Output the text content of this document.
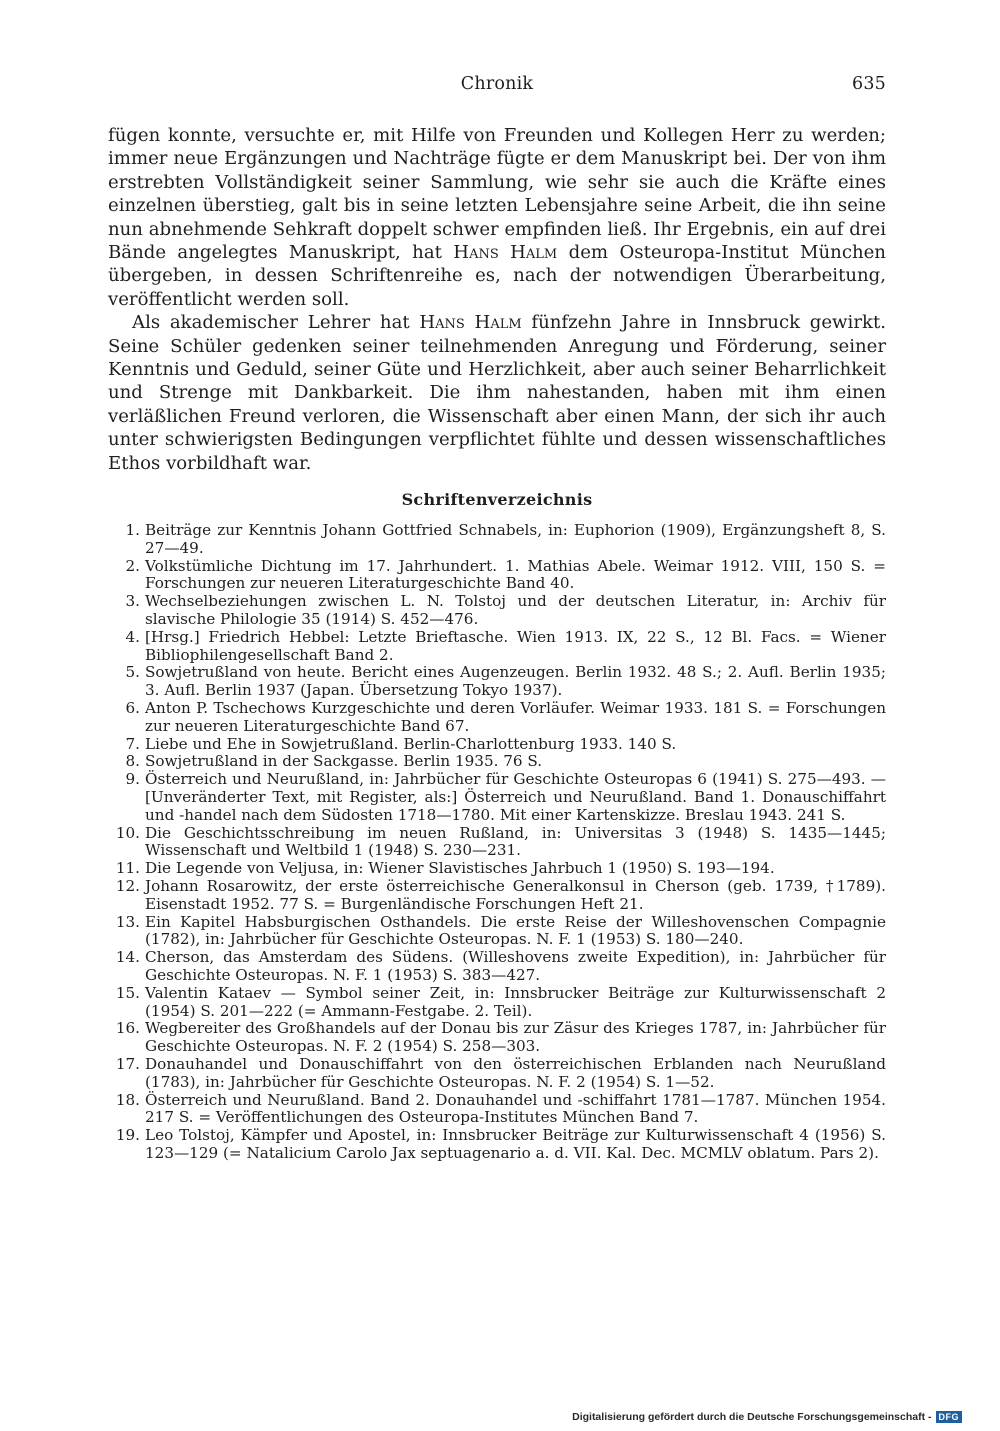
Chronik	635

fügen konnte, versuchte er, mit Hilfe von Freunden und Kollegen Herr zu werden; immer neue Ergänzungen und Nachträge fügte er dem Manuskript bei. Der von ihm erstrebten Vollständigkeit seiner Sammlung, wie sehr sie auch die Kräfte eines einzelnen überstieg, galt bis in seine letzten Lebensjahre seine Arbeit, die ihn seine nun abnehmende Sehkraft doppelt schwer empfinden ließ. Ihr Ergebnis, ein auf drei Bände angelegtes Manuskript, hat Hans Halm dem Osteuropa-Institut München übergeben, in dessen Schriftenreihe es, nach der notwendigen Überarbeitung, veröffentlicht werden soll.

Als akademischer Lehrer hat Hans Halm fünfzehn Jahre in Innsbruck gewirkt. Seine Schüler gedenken seiner teilnehmenden Anregung und Förderung, seiner Kenntnis und Geduld, seiner Güte und Herzlichkeit, aber auch seiner Beharrlichkeit und Strenge mit Dankbarkeit. Die ihm nahestanden, haben mit ihm einen verläßlichen Freund verloren, die Wissenschaft aber einen Mann, der sich ihr auch unter schwierigsten Bedingungen verpflichtet fühlte und dessen wissenschaftliches Ethos vorbildhaft war.

Schriftenverzeichnis
1. Beiträge zur Kenntnis Johann Gottfried Schnabels, in: Euphorion (1909), Ergänzungsheft 8, S. 27—49.
2. Volkstümliche Dichtung im 17. Jahrhundert. 1. Mathias Abele. Weimar 1912. VIII, 150 S. = Forschungen zur neueren Literaturgeschichte Band 40.
3. Wechselbeziehungen zwischen L. N. Tolstoj und der deutschen Literatur, in: Archiv für slavische Philologie 35 (1914) S. 452—476.
4. [Hrsg.] Friedrich Hebbel: Letzte Brieftasche. Wien 1913. IX, 22 S., 12 Bl. Facs. = Wiener Bibliophilengesellschaft Band 2.
5. Sowjetrußland von heute. Bericht eines Augenzeugen. Berlin 1932. 48 S.; 2. Aufl. Berlin 1935; 3. Aufl. Berlin 1937 (Japan. Übersetzung Tokyo 1937).
6. Anton P. Tschechows Kurzgeschichte und deren Vorläufer. Weimar 1933. 181 S. = Forschungen zur neueren Literaturgeschichte Band 67.
7. Liebe und Ehe in Sowjetrußland. Berlin-Charlottenburg 1933. 140 S.
8. Sowjetrußland in der Sackgasse. Berlin 1935. 76 S.
9. Österreich und Neurußland, in: Jahrbücher für Geschichte Osteuropas 6 (1941) S. 275—493. — [Unveränderter Text, mit Register, als:] Österreich und Neurußland. Band 1. Donauschiffahrt und -handel nach dem Südosten 1718—1780. Mit einer Kartenskizze. Breslau 1943. 241 S.
10. Die Geschichtsschreibung im neuen Rußland, in: Universitas 3 (1948) S. 1435—1445; Wissenschaft und Weltbild 1 (1948) S. 230—231.
11. Die Legende von Veljusa, in: Wiener Slavistisches Jahrbuch 1 (1950) S. 193—194.
12. Johann Rosarowitz, der erste österreichische Generalkonsul in Cherson (geb. 1739, †1789). Eisenstadt 1952. 77 S. = Burgenländische Forschungen Heft 21.
13. Ein Kapitel Habsburgischen Osthandels. Die erste Reise der Willeshovenschen Compagnie (1782), in: Jahrbücher für Geschichte Osteuropas. N. F. 1 (1953) S. 180—240.
14. Cherson, das Amsterdam des Südens. (Willeshovens zweite Expedition), in: Jahrbücher für Geschichte Osteuropas. N. F. 1 (1953) S. 383—427.
15. Valentin Kataev — Symbol seiner Zeit, in: Innsbrucker Beiträge zur Kulturwissenschaft 2 (1954) S. 201—222 (= Ammann-Festgabe. 2. Teil).
16. Wegbereiter des Großhandels auf der Donau bis zur Zäsur des Krieges 1787, in: Jahrbücher für Geschichte Osteuropas. N. F. 2 (1954) S. 258—303.
17. Donauhandel und Donauschiffahrt von den österreichischen Erblanden nach Neurußland (1783), in: Jahrbücher für Geschichte Osteuropas. N. F. 2 (1954) S. 1—52.
18. Österreich und Neurußland. Band 2. Donauhandel und -schiffahrt 1781—1787. München 1954. 217 S. = Veröffentlichungen des Osteuropa-Institutes München Band 7.
19. Leo Tolstoj, Kämpfer und Apostel, in: Innsbrucker Beiträge zur Kulturwissenschaft 4 (1956) S. 123—129 (= Natalicium Carolo Jax septuagenario a. d. VII. Kal. Dec. MCMLV oblatum. Pars 2).
Digitalisierung gefördert durch die Deutsche Forschungsgemeinschaft - DFG
